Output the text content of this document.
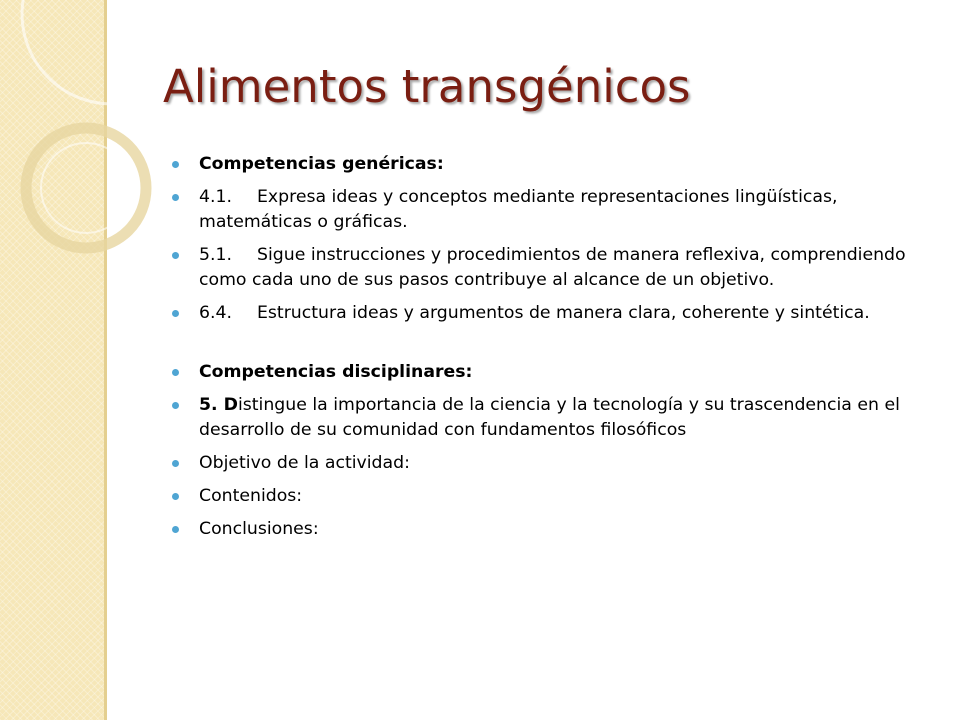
Alimentos transgénicos
Competencias genéricas:
4.1. Expresa ideas y conceptos mediante representaciones lingüísticas, matemáticas o gráficas.
5.1. Sigue instrucciones y procedimientos de manera reflexiva, comprendiendo como cada uno de sus pasos contribuye al alcance de un objetivo.
6.4. Estructura ideas y argumentos de manera clara, coherente y sintética.
Competencias disciplinares:
5. Distingue la importancia de la ciencia y la tecnología y su trascendencia en el desarrollo de su comunidad con fundamentos filosóficos
Objetivo de la actividad:
Contenidos:
Conclusiones:
